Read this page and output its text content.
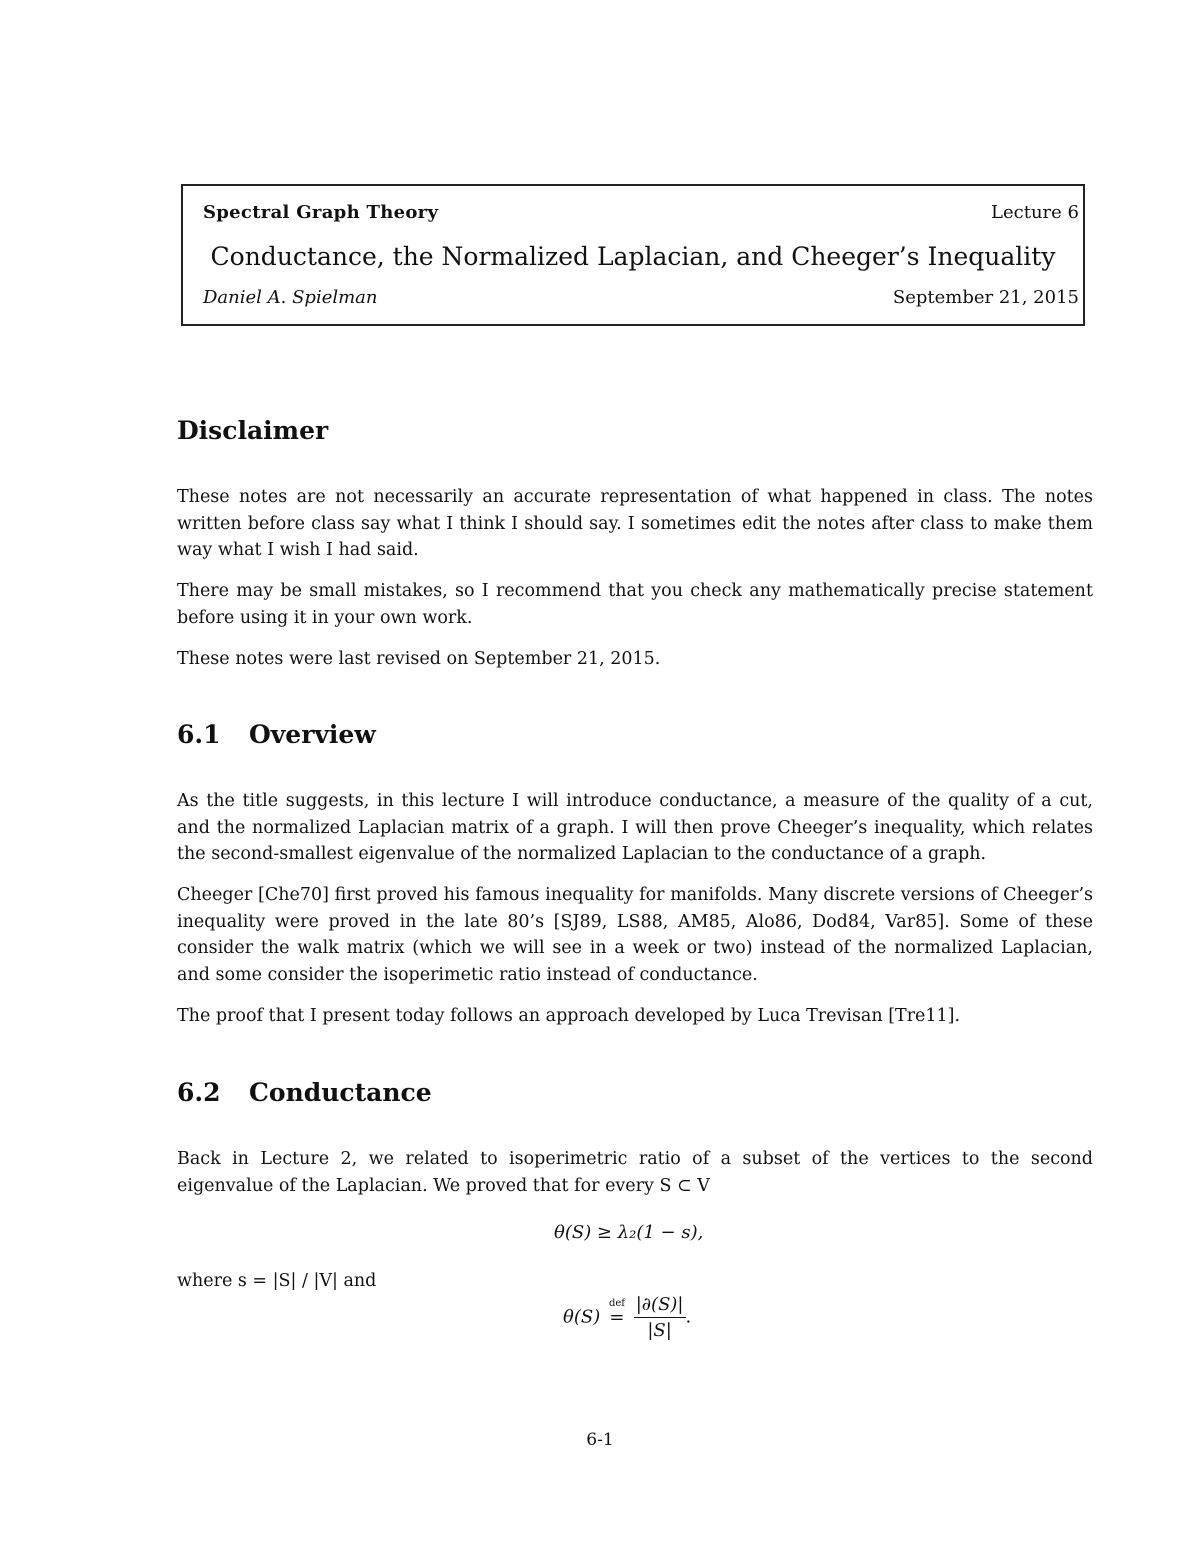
Spectral Graph Theory	Lecture 6
Conductance, the Normalized Laplacian, and Cheeger’s Inequality
Daniel A. Spielman	September 21, 2015
Disclaimer

These notes are not necessarily an accurate representation of what happened in class. The notes written before class say what I think I should say. I sometimes edit the notes after class to make them way what I wish I had said.

There may be small mistakes, so I recommend that you check any mathematically precise statement before using it in your own work.

These notes were last revised on September 21, 2015.

6.1 Overview

As the title suggests, in this lecture I will introduce conductance, a measure of the quality of a cut, and the normalized Laplacian matrix of a graph. I will then prove Cheeger’s inequality, which relates the second-smallest eigenvalue of the normalized Laplacian to the conductance of a graph.

Cheeger [Che70] first proved his famous inequality for manifolds. Many discrete versions of Cheeger’s inequality were proved in the late 80’s [SJ89, LS88, AM85, Alo86, Dod84, Var85]. Some of these consider the walk matrix (which we will see in a week or two) instead of the normalized Laplacian, and some consider the isoperimetic ratio instead of conductance.

The proof that I present today follows an approach developed by Luca Trevisan [Tre11].

6.2 Conductance

Back in Lecture 2, we related to isoperimetric ratio of a subset of the vertices to the second eigenvalue of the Laplacian. We proved that for every S ⊂ V

θ(S) ≥ λ₂(1 − s),

where s = |S| / |V| and

θ(S)
def
= $\frac{|\partial(S)|}{|S|}$ .
6-1
